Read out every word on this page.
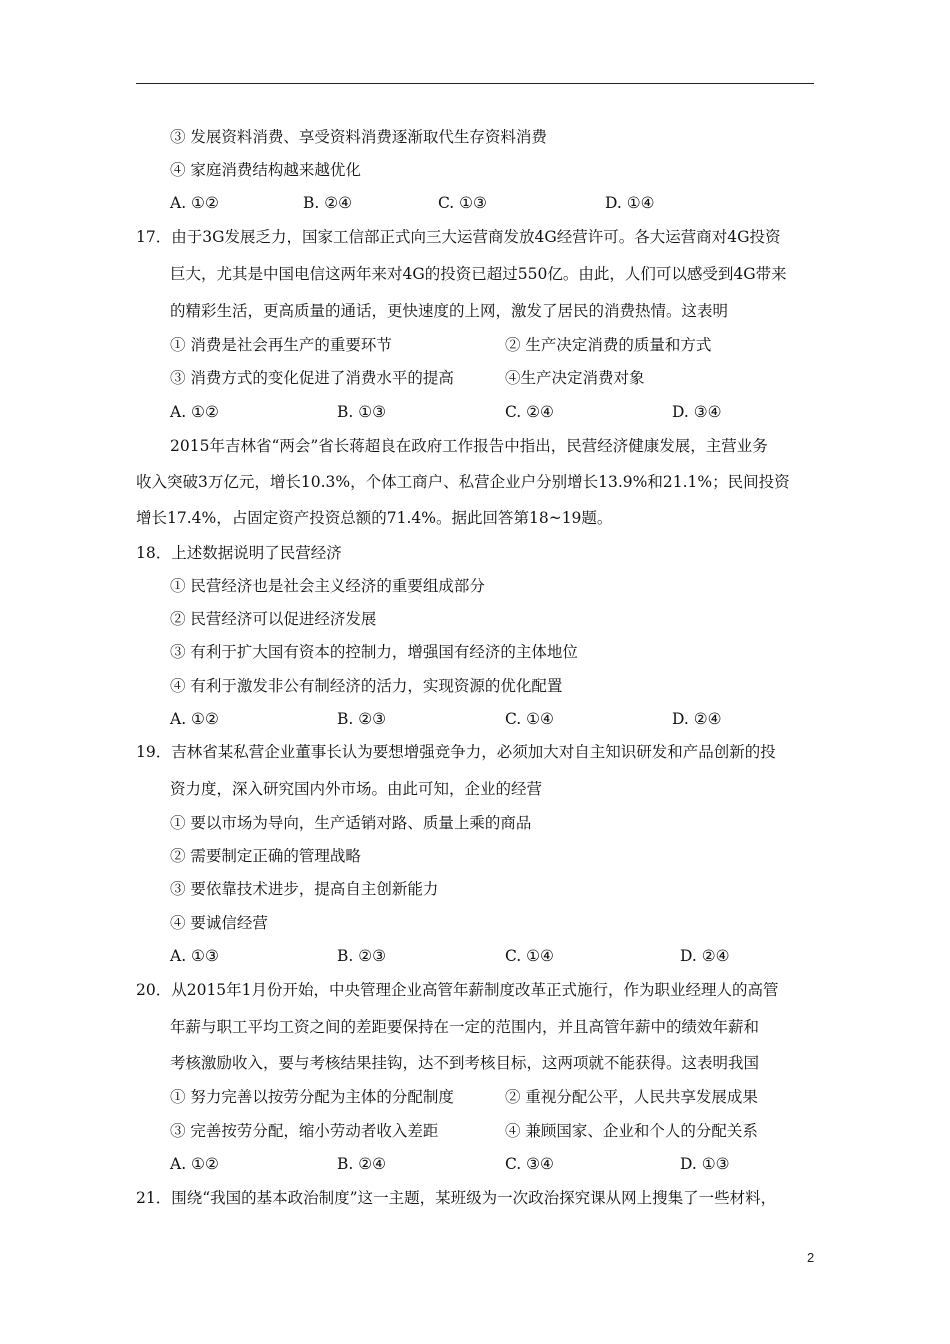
③ 发展资料消费、享受资料消费逐渐取代生存资料消费
④ 家庭消费结构越来越优化
A. ①②	B. ②④	C. ①③	D. ①④
17．由于3G发展乏力，国家工信部正式向三大运营商发放4G经营许可。各大运营商对4G投资
巨大，尤其是中国电信这两年来对4G的投资已超过550亿。由此，人们可以感受到4G带来
的精彩生活，更高质量的通话，更快速度的上网，激发了居民的消费热情。这表明
① 消费是社会再生产的重要环节	② 生产决定消费的质量和方式
③ 消费方式的变化促进了消费水平的提高	④生产决定消费对象
A. ①②	B. ①③	C. ②④	D. ③④
2015年吉林省“两会”省长蒋超良在政府工作报告中指出，民营经济健康发展，主营业务
收入突破3万亿元，增长10.3%，个体工商户、私营企业户分别增长13.9%和21.1%；民间投资
增长17.4%，占固定资产投资总额的71.4%。据此回答第18~19题。
18．上述数据说明了民营经济
① 民营经济也是社会主义经济的重要组成部分
② 民营经济可以促进经济发展
③ 有利于扩大国有资本的控制力，增强国有经济的主体地位
④ 有利于激发非公有制经济的活力，实现资源的优化配置
A. ①②	B. ②③	C. ①④	D. ②④
19．吉林省某私营企业董事长认为要想增强竞争力，必须加大对自主知识研发和产品创新的投
资力度，深入研究国内外市场。由此可知，企业的经营
① 要以市场为导向，生产适销对路、质量上乘的商品
② 需要制定正确的管理战略
③ 要依靠技术进步，提高自主创新能力
④ 要诚信经营
A. ①③	B. ②③	C. ①④	D. ②④
20．从2015年1月份开始，中央管理企业高管年薪制度改革正式施行，作为职业经理人的高管
年薪与职工平均工资之间的差距要保持在一定的范围内，并且高管年薪中的绩效年薪和
考核激励收入，要与考核结果挂钩，达不到考核目标，这两项就不能获得。这表明我国
① 努力完善以按劳分配为主体的分配制度	② 重视分配公平，人民共享发展成果
③ 完善按劳分配，缩小劳动者收入差距	④ 兼顾国家、企业和个人的分配关系
A. ①②	B. ②④	C. ③④	D. ①③
21．围绕“我国的基本政治制度”这一主题，某班级为一次政治探究课从网上搜集了一些材料，
2
